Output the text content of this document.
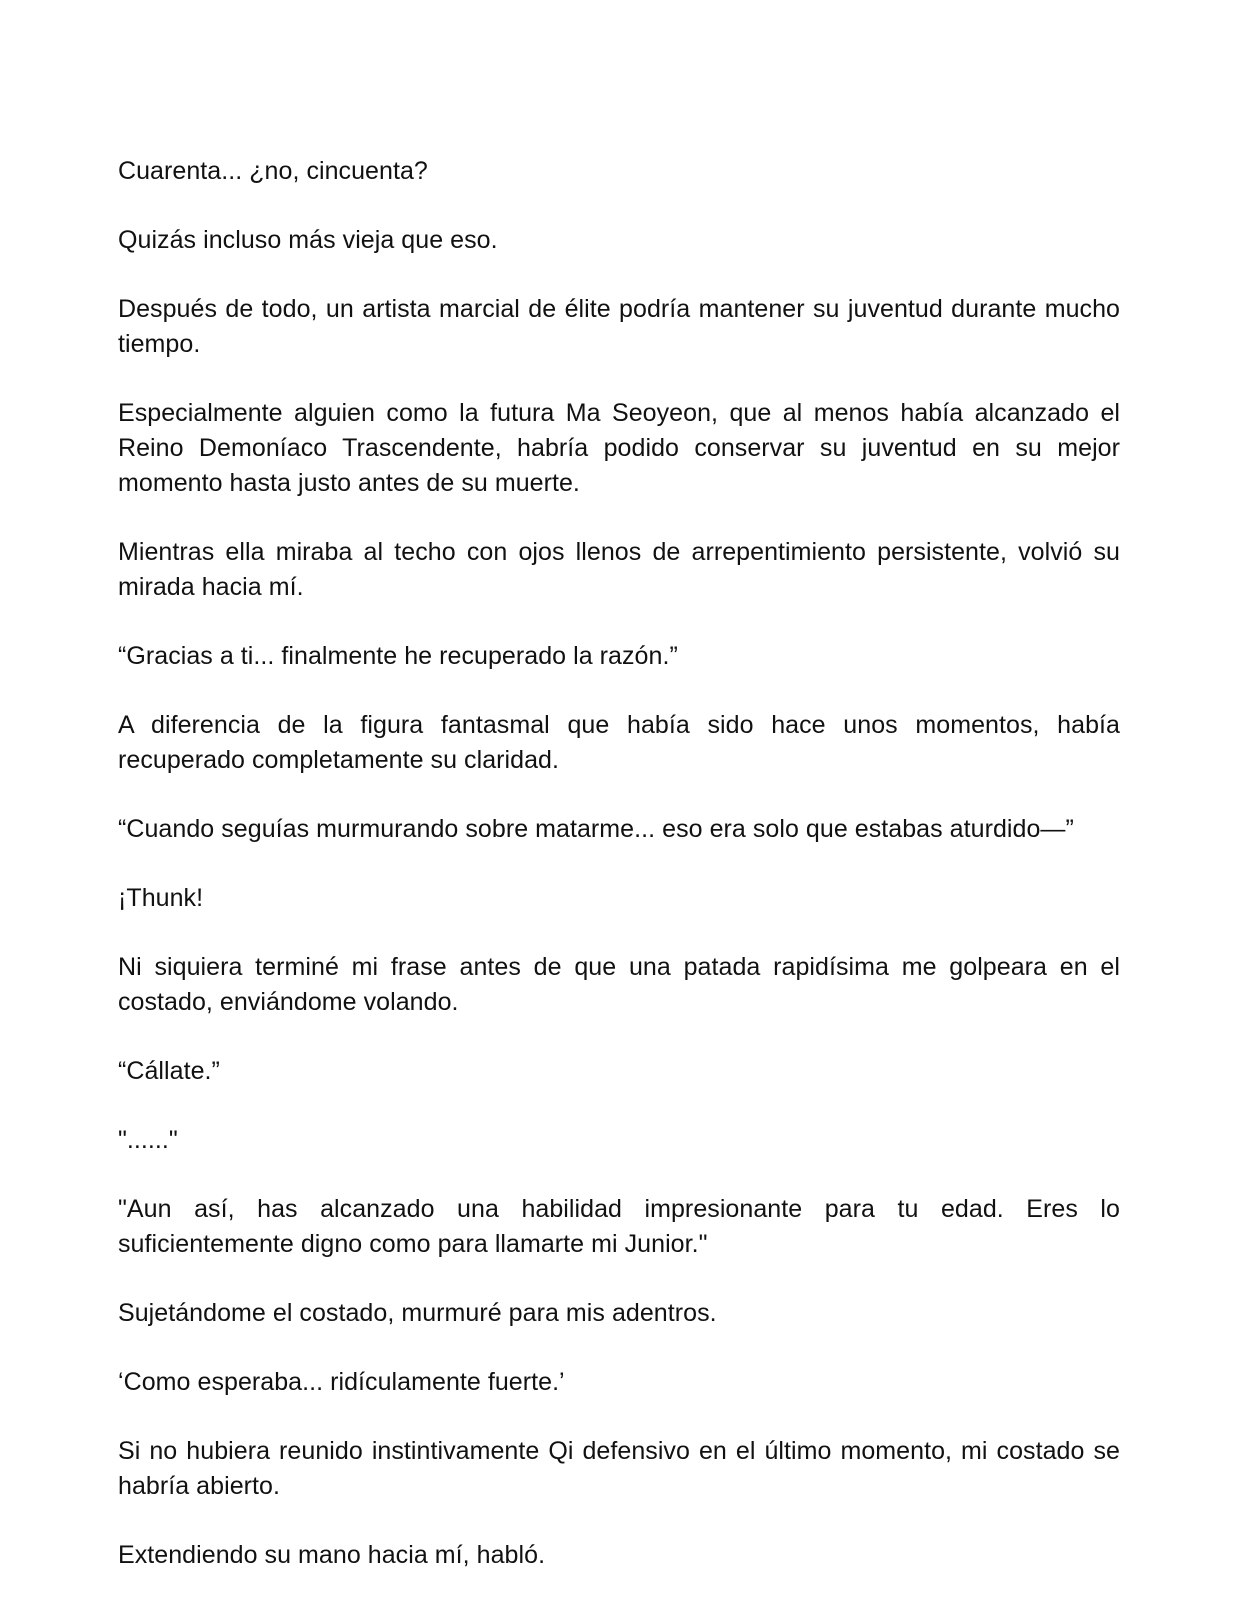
Cuarenta... ¿no, cincuenta?

Quizás incluso más vieja que eso.

Después de todo, un artista marcial de élite podría mantener su juventud durante mucho tiempo.

Especialmente alguien como la futura Ma Seoyeon, que al menos había alcanzado el Reino Demoníaco Trascendente, habría podido conservar su juventud en su mejor momento hasta justo antes de su muerte.

Mientras ella miraba al techo con ojos llenos de arrepentimiento persistente, volvió su mirada hacia mí.

“Gracias a ti... finalmente he recuperado la razón.”

A diferencia de la figura fantasmal que había sido hace unos momentos, había recuperado completamente su claridad.

“Cuando seguías murmurando sobre matarme... eso era solo que estabas aturdido—”

¡Thunk!

Ni siquiera terminé mi frase antes de que una patada rapidísima me golpeara en el costado, enviándome volando.

“Cállate.”

"......"

"Aun así, has alcanzado una habilidad impresionante para tu edad. Eres lo suficientemente digno como para llamarte mi Junior."

Sujetándome el costado, murmuré para mis adentros.

‘Como esperaba... ridículamente fuerte.’

Si no hubiera reunido instintivamente Qi defensivo en el último momento, mi costado se habría abierto.

Extendiendo su mano hacia mí, habló.
